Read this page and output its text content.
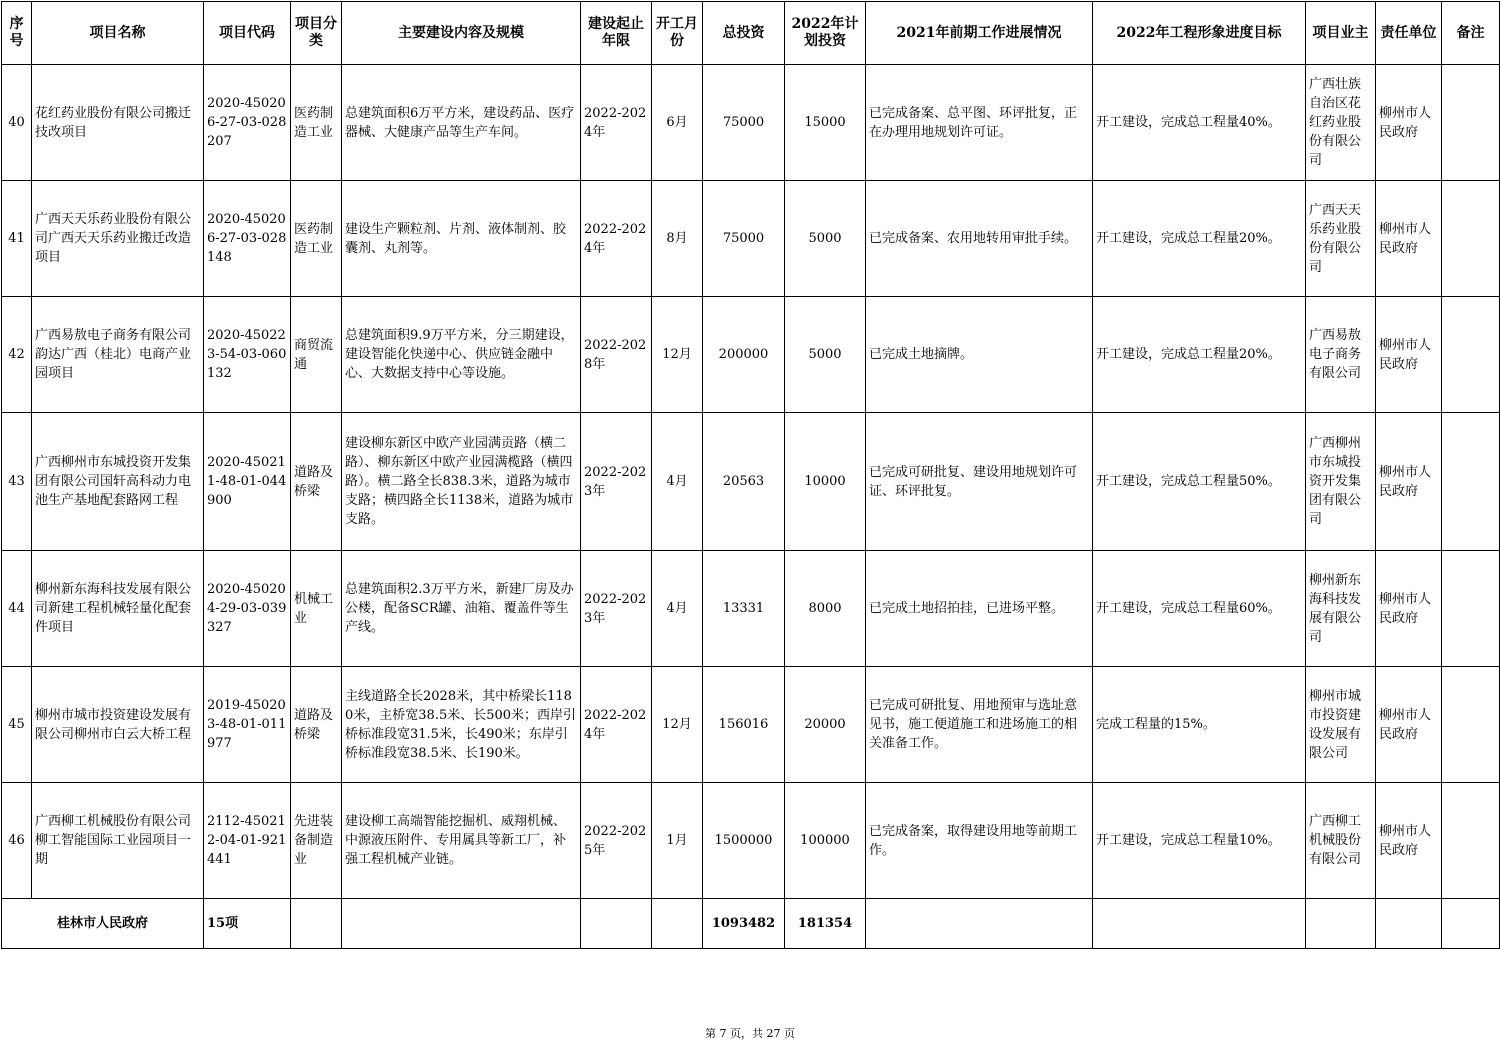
序号	项目名称	项目代码	项目分类	主要建设内容及规模	建设起止年限	开工月份	总投资	2022年计划投资	2021年前期工作进展情况	2022年工程形象进度目标	项目业主	责任单位	备注
40	花红药业股份有限公司搬迁技改项目	2020-450206-27-03-028207	医药制造工业	总建筑面积6万平方米，建设药品、医疗器械、大健康产品等生产车间。	2022-2024年	6月	75000	15000	已完成备案、总平图、环评批复，正在办理用地规划许可证。	开工建设，完成总工程量40%。	广西壮族自治区花红药业股份有限公司	柳州市人民政府	
41	广西天天乐药业股份有限公司广西天天乐药业搬迁改造项目	2020-450206-27-03-028148	医药制造工业	建设生产颗粒剂、片剂、液体制剂、胶囊剂、丸剂等。	2022-2024年	8月	75000	5000	已完成备案、农用地转用审批手续。	开工建设，完成总工程量20%。	广西天天乐药业股份有限公司	柳州市人民政府	
42	广西易敖电子商务有限公司韵达广西（桂北）电商产业园项目	2020-450223-54-03-060132	商贸流通	总建筑面积9.9万平方米，分三期建设，建设智能化快递中心、供应链金融中心、大数据支持中心等设施。	2022-2028年	12月	200000	5000	已完成土地摘牌。	开工建设，完成总工程量20%。	广西易敖电子商务有限公司	柳州市人民政府	
43	广西柳州市东城投资开发集团有限公司国轩高科动力电池生产基地配套路网工程	2020-450211-48-01-044900	道路及桥梁	建设柳东新区中欧产业园满贡路（横二路）、柳东新区中欧产业园满榄路（横四路）。横二路全长838.3米，道路为城市支路；横四路全长1138米，道路为城市支路。	2022-2023年	4月	20563	10000	已完成可研批复、建设用地规划许可证、环评批复。	开工建设，完成总工程量50%。	广西柳州市东城投资开发集团有限公司	柳州市人民政府	
44	柳州新东海科技发展有限公司新建工程机械轻量化配套件项目	2020-450204-29-03-039327	机械工业	总建筑面积2.3万平方米，新建厂房及办公楼，配备SCR罐、油箱、覆盖件等生产线。	2022-2023年	4月	13331	8000	已完成土地招拍挂，已进场平整。	开工建设，完成总工程量60%。	柳州新东海科技发展有限公司	柳州市人民政府	
45	柳州市城市投资建设发展有限公司柳州市白云大桥工程	2019-450203-48-01-011977	道路及桥梁	主线道路全长2028米，其中桥梁长1180米，主桥宽38.5米、长500米；西岸引桥标准段宽31.5米，长490米；东岸引桥标准段宽38.5米、长190米。	2022-2024年	12月	156016	20000	已完成可研批复、用地预审与选址意见书，施工便道施工和进场施工的相关准备工作。	完成工程量的15%。	柳州市城市投资建设发展有限公司	柳州市人民政府	
46	广西柳工机械股份有限公司柳工智能国际工业园项目一期	2112-450212-04-01-921441	先进装备制造业	建设柳工高端智能挖掘机、威翔机械、中源液压附件、专用属具等新工厂，补强工程机械产业链。	2022-2025年	1月	1500000	100000	已完成备案，取得建设用地等前期工作。	开工建设，完成总工程量10%。	广西柳工机械股份有限公司	柳州市人民政府	
桂林市人民政府		15项					1093482	181354					
第 7 页，共 27 页
